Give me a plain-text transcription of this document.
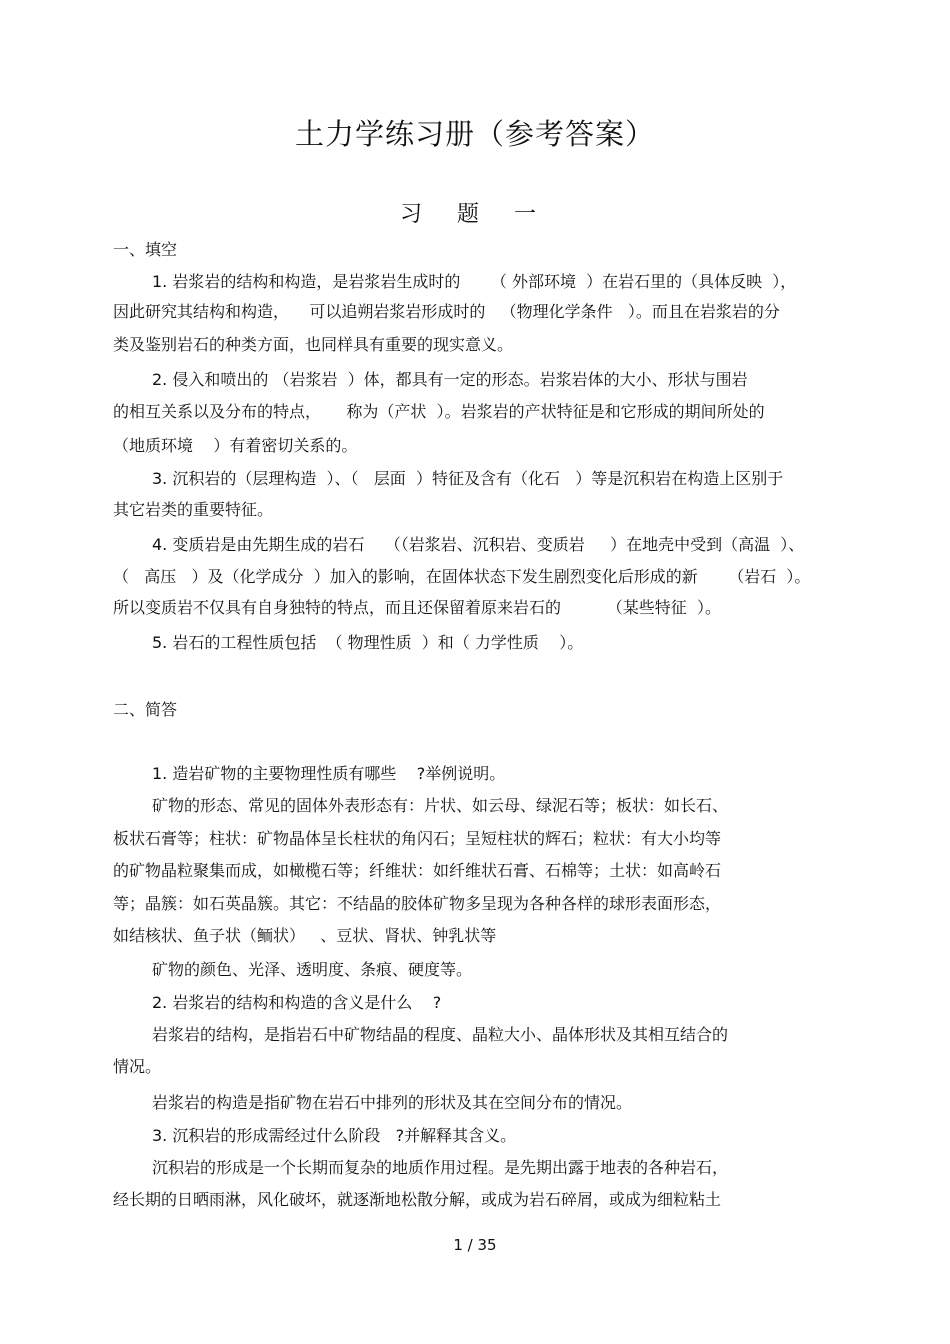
土力学练习册（参考答案）
习 题 一
一、填空
1. 岩浆岩的结构和构造，是岩浆岩生成时的      （ 外部环境  ）在岩石里的（具体反映  ），
因此研究其结构和构造，    可以追朔岩浆岩形成时的   （物理化学条件   ）。而且在岩浆岩的分
类及鉴别岩石的种类方面，也同样具有重要的现实意义。
2. 侵入和喷出的 （岩浆岩  ）体，都具有一定的形态。岩浆岩体的大小、形状与围岩
的相互关系以及分布的特点，     称为（产状  ）。岩浆岩的产状特征是和它形成的期间所处的
（地质环境    ）有着密切关系的。
3. 沉积岩的（层理构造  ）、（   层面  ）特征及含有（化石   ）等是沉积岩在构造上区别于
其它岩类的重要特征。
4. 变质岩是由先期生成的岩石    （（岩浆岩、沉积岩、变质岩     ）在地壳中受到（高温  ）、
（   高压   ）及（化学成分  ）加入的影响，在固体状态下发生剧烈变化后形成的新      （岩石  ）。
所以变质岩不仅具有自身独特的特点，而且还保留着原来岩石的         （某些特征  ）。
5. 岩石的工程性质包括  （ 物理性质  ）和（ 力学性质    ）。
二、简答
1. 造岩矿物的主要物理性质有哪些    ?举例说明。
矿物的形态、常见的固体外表形态有：片状、如云母、绿泥石等；板状：如长石、
板状石膏等；柱状：矿物晶体呈长柱状的角闪石；呈短柱状的辉石；粒状：有大小均等
的矿物晶粒聚集而成，如橄榄石等；纤维状：如纤维状石膏、石棉等；土状：如高岭石
等；晶簇：如石英晶簇。其它：不结晶的胶体矿物多呈现为各种各样的球形表面形态，
如结核状、鱼子状（鲕状）   、豆状、肾状、钟乳状等
矿物的颜色、光泽、透明度、条痕、硬度等。
2. 岩浆岩的结构和构造的含义是什么    ?
岩浆岩的结构，是指岩石中矿物结晶的程度、晶粒大小、晶体形状及其相互结合的
情况。
岩浆岩的构造是指矿物在岩石中排列的形状及其在空间分布的情况。
3. 沉积岩的形成需经过什么阶段   ?并解释其含义。
沉积岩的形成是一个长期而复杂的地质作用过程。是先期出露于地表的各种岩石，
经长期的日晒雨淋，风化破坏，就逐渐地松散分解，或成为岩石碎屑，或成为细粒粘土
1 / 35
